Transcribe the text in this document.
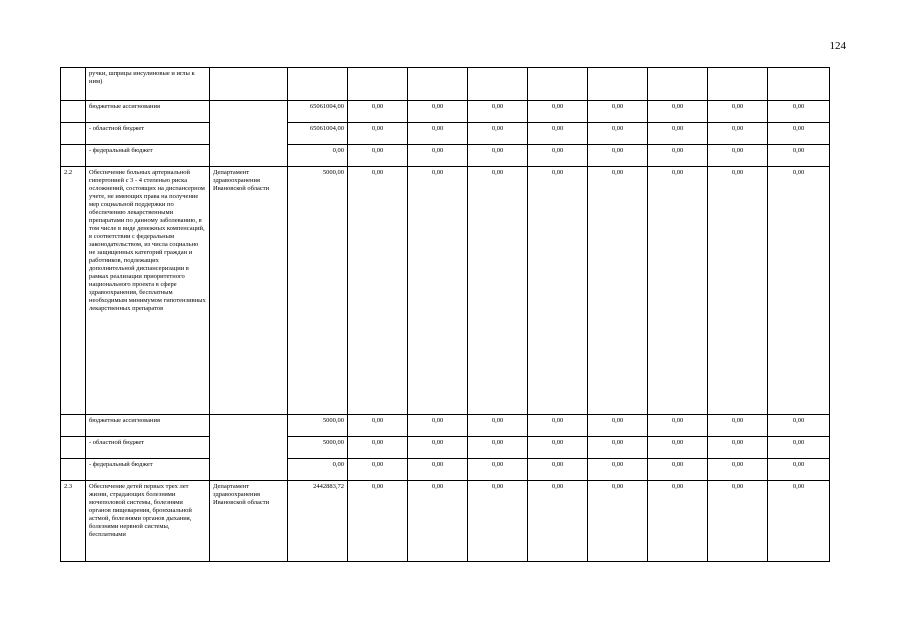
124
	ручки, шприцы инсулиновые и иглы к ним)										
	бюджетные ассигнования		65061004,00	0,00	0,00	0,00	0,00	0,00	0,00	0,00	0,00
	- областной бюджет		65061004,00	0,00	0,00	0,00	0,00	0,00	0,00	0,00	0,00
	- федеральный бюджет		0,00	0,00	0,00	0,00	0,00	0,00	0,00	0,00	0,00
2.2	Обеспечение больных артериальной гипертонией с 3 - 4 степенью риска осложнений, состоящих на диспансерном учете, не имеющих права на получение мер социальной поддержки по обеспечению лекарственными препаратами по данному заболеванию, в том числе в виде денежных компенсаций, в соответствии с федеральным законодательством, из числа социально не защищенных категорий граждан и работников, подлежащих дополнительной диспансеризации в рамках реализации приоритетного национального проекта в сфере здравоохранения, бесплатным необходимым минимумом гипотензивных лекарственных препаратов	Департамент здравоохранения Ивановской области	5000,00	0,00	0,00	0,00	0,00	0,00	0,00	0,00	0,00
	бюджетные ассигнования		5000,00	0,00	0,00	0,00	0,00	0,00	0,00	0,00	0,00
	- областной бюджет		5000,00	0,00	0,00	0,00	0,00	0,00	0,00	0,00	0,00
	- федеральный бюджет		0,00	0,00	0,00	0,00	0,00	0,00	0,00	0,00	0,00
2.3	Обеспечение детей первых трех лет жизни, страдающих болезнями мочеполовой системы, болезнями органов пищеварения, бронхиальной астмой, болезнями органов дыхания, болезнями нервной системы, бесплатными	Департамент здравоохранения Ивановской области	2442883,72	0,00	0,00	0,00	0,00	0,00	0,00	0,00	0,00
